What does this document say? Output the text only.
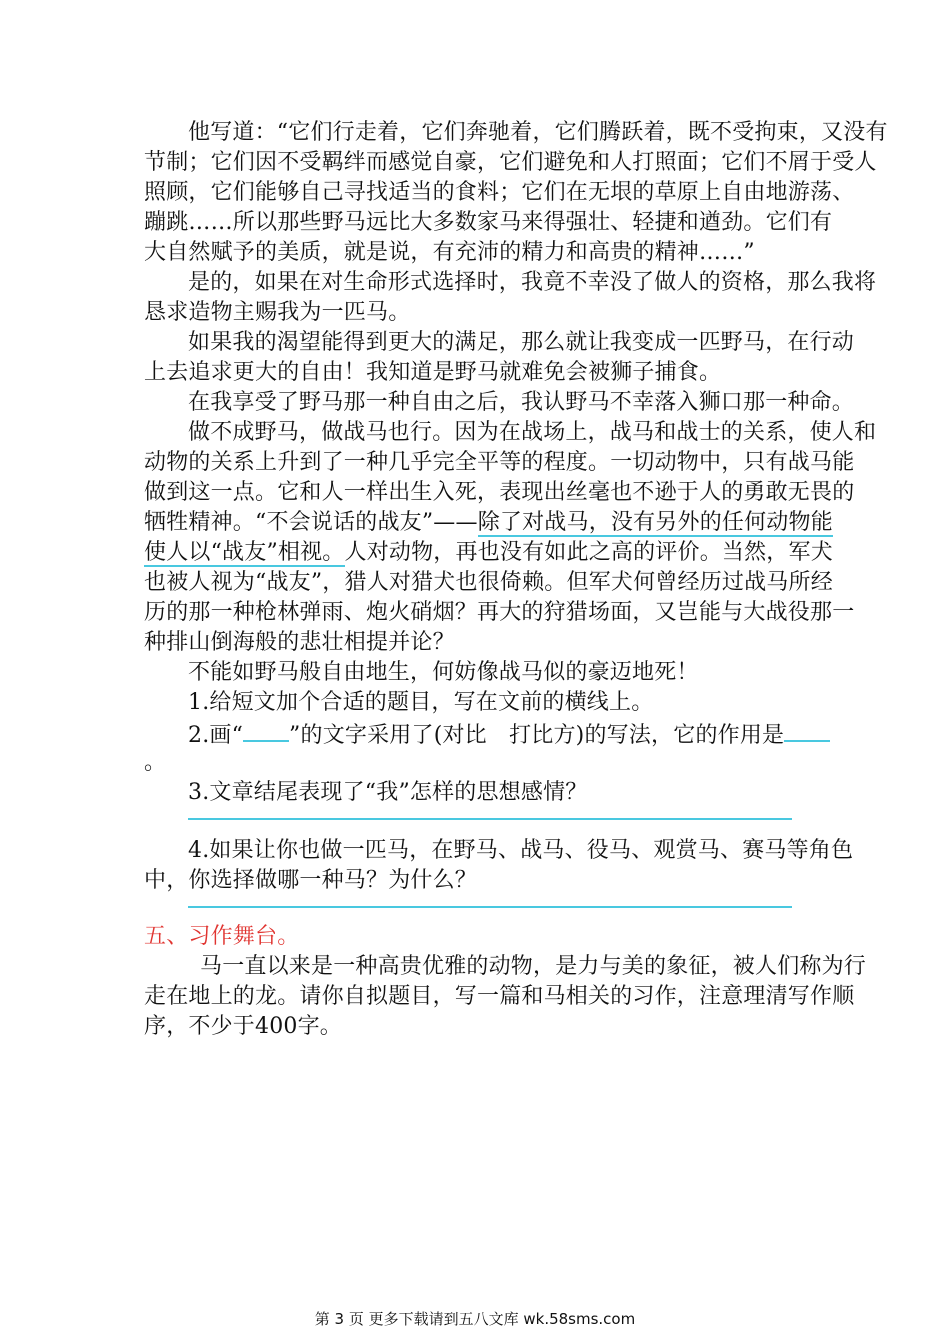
他写道：“它们行走着，它们奔驰着，它们腾跃着，既不受拘束，又没有
节制；它们因不受羁绊而感觉自豪，它们避免和人打照面；它们不屑于受人
照顾，它们能够自己寻找适当的食料；它们在无垠的草原上自由地游荡、
蹦跳……所以那些野马远比大多数家马来得强壮、轻捷和遒劲。它们有
大自然赋予的美质，就是说，有充沛的精力和高贵的精神……”
是的，如果在对生命形式选择时，我竟不幸没了做人的资格，那么我将
恳求造物主赐我为一匹马。
如果我的渴望能得到更大的满足，那么就让我变成一匹野马，在行动
上去追求更大的自由！我知道是野马就难免会被狮子捕食。
在我享受了野马那一种自由之后，我认野马不幸落入狮口那一种命。
做不成野马，做战马也行。因为在战场上，战马和战士的关系，使人和
动物的关系上升到了一种几乎完全平等的程度。一切动物中，只有战马能
做到这一点。它和人一样出生入死，表现出丝毫也不逊于人的勇敢无畏的
牺牲精神。“不会说话的战友”——除了对战马，没有另外的任何动物能
使人以“战友”相视。人对动物，再也没有如此之高的评价。当然，军犬
也被人视为“战友”，猎人对猎犬也很倚赖。但军犬何曾经历过战马所经
历的那一种枪林弹雨、炮火硝烟？再大的狩猎场面，又岂能与大战役那一
种排山倒海般的悲壮相提并论？
不能如野马般自由地生，何妨像战马似的豪迈地死！
1.给短文加个合适的题目，写在文前的横线上。
2.画“ ”的文字采用了(对比　打比方)的写法，它的作用是
。
3.文章结尾表现了“我”怎样的思想感情？
4.如果让你也做一匹马，在野马、战马、役马、观赏马、赛马等角色
中，你选择做哪一种马？为什么？
五、习作舞台。
马一直以来是一种高贵优雅的动物，是力与美的象征，被人们称为行
走在地上的龙。请你自拟题目，写一篇和马相关的习作，注意理清写作顺
序，不少于400字。
第 3 页 更多下载请到五八文库 wk.58sms.com
